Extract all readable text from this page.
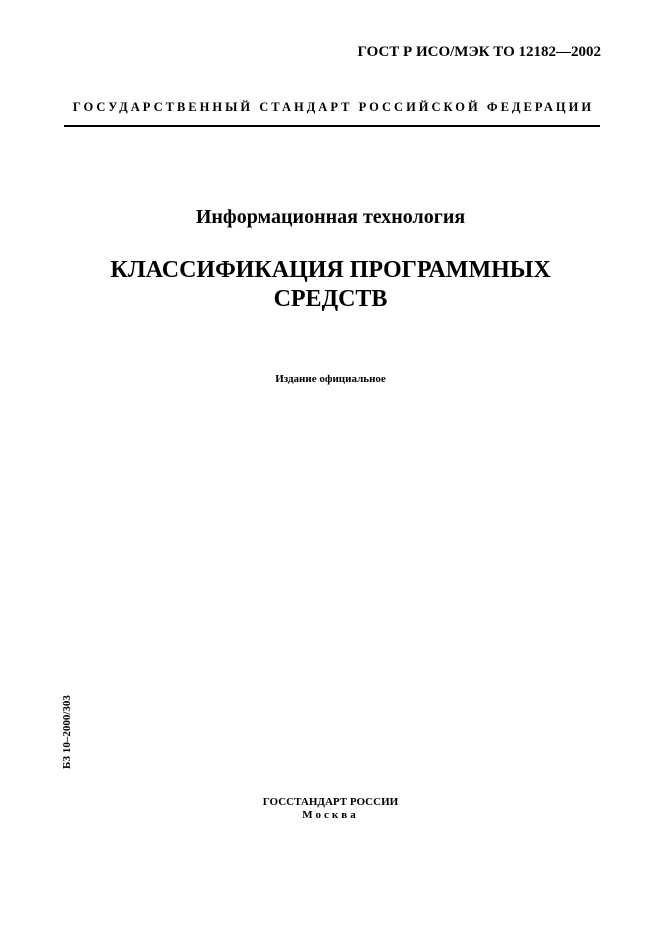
ГОСТ Р ИСО/МЭК ТО 12182—2002
ГОСУДАРСТВЕННЫЙ СТАНДАРТ РОССИЙСКОЙ ФЕДЕРАЦИИ
Информационная технология
КЛАССИФИКАЦИЯ ПРОГРАММНЫХ
СРЕДСТВ
Издание официальное
БЗ 10–2000/303
ГОССТАНДАРТ РОССИИ
Москва
